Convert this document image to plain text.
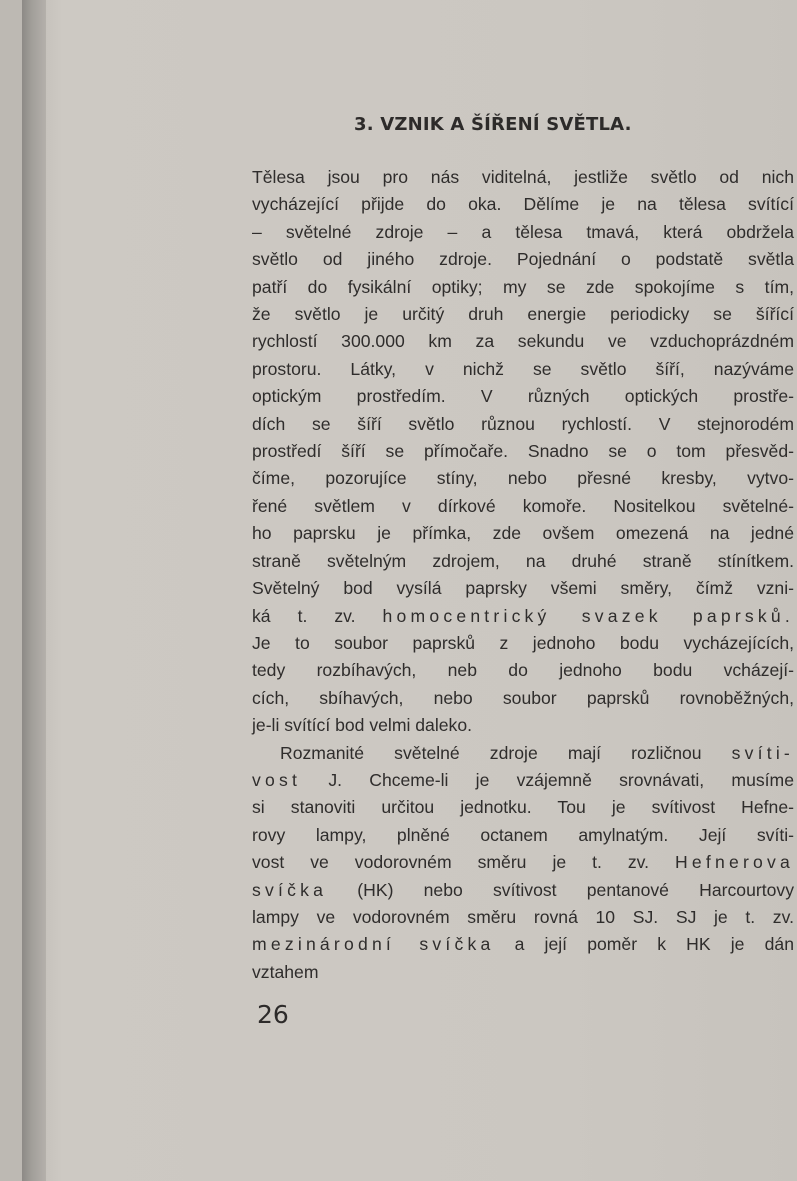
3. VZNIK A ŠÍŘENÍ SVĚTLA.

Tělesa jsou pro nás viditelná, jestliže světlo od nich
vycházející přijde do oka. Dělíme je na tělesa svítící
– světelné zdroje – a tělesa tmavá, která obdržela
světlo od jiného zdroje. Pojednání o podstatě světla
patří do fysikální optiky; my se zde spokojíme s tím,
že světlo je určitý druh energie periodicky se šířící
rychlostí 300.000 km za sekundu ve vzduchoprázdném
prostoru. Látky, v nichž se světlo šíří, nazýváme
optickým prostředím. V různých optických prostře-
dích se šíří světlo různou rychlostí. V stejnorodém
prostředí šíří se přímočaře. Snadno se o tom přesvěd-
číme, pozorujíce stíny, nebo přesné kresby, vytvo-
řené světlem v dírkové komoře. Nositelkou světelné-
ho paprsku je přímka, zde ovšem omezená na jedné
straně světelným zdrojem, na druhé straně stínítkem.
Světelný bod vysílá paprsky všemi směry, čímž vzni-
ká t. zv. homocentrický svazek paprsků.
Je to soubor paprsků z jednoho bodu vycházejících,
tedy rozbíhavých, neb do jednoho bodu vcházejí-
cích, sbíhavých, nebo soubor paprsků rovnoběžných,
je-li svítící bod velmi daleko.

Rozmanité světelné zdroje mají rozličnou svíti-
vost J. Chceme-li je vzájemně srovnávati, musíme
si stanoviti určitou jednotku. Tou je svítivost Hefne-
rovy lampy, plněné octanem amylnatým. Její svíti-
vost ve vodorovném směru je t. zv. Hefnerova
svíčka (HK) nebo svítivost pentanové Harcourtovy
lampy ve vodorovném směru rovná 10 SJ. SJ je t. zv.
mezinárodní svíčka a její poměr k HK je dán
vztahem

26
